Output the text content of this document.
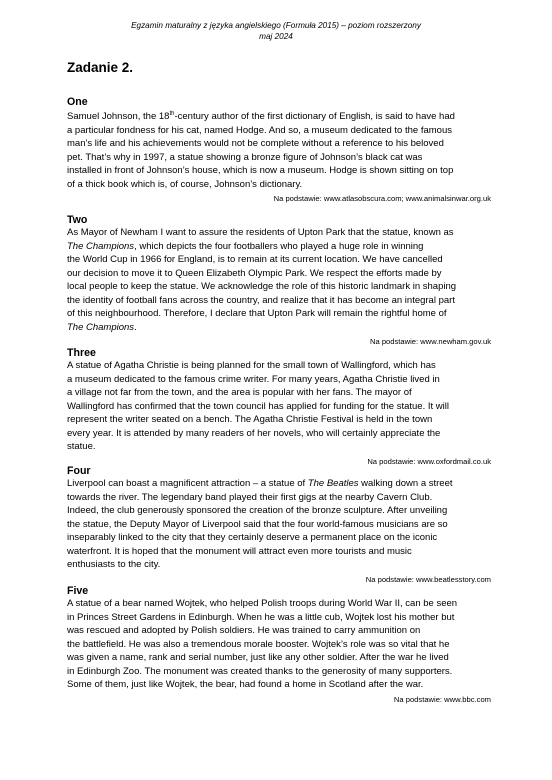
Egzamin maturalny z języka angielskiego (Formuła 2015) – poziom rozszerzony
maj 2024
Zadanie 2.
One
Samuel Johnson, the 18th-century author of the first dictionary of English, is said to have had
a particular fondness for his cat, named Hodge. And so, a museum dedicated to the famous
man’s life and his achievements would not be complete without a reference to his beloved
pet. That’s why in 1997, a statue showing a bronze figure of Johnson’s black cat was
installed in front of Johnson’s house, which is now a museum. Hodge is shown sitting on top
of a thick book which is, of course, Johnson’s dictionary.
Na podstawie: www.atlasobscura.com; www.animalsinwar.org.uk
Two
As Mayor of Newham I want to assure the residents of Upton Park that the statue, known as
The Champions, which depicts the four footballers who played a huge role in winning
the World Cup in 1966 for England, is to remain at its current location. We have cancelled
our decision to move it to Queen Elizabeth Olympic Park. We respect the efforts made by
local people to keep the statue. We acknowledge the role of this historic landmark in shaping
the identity of football fans across the country, and realize that it has become an integral part
of this neighbourhood. Therefore, I declare that Upton Park will remain the rightful home of
The Champions.
Na podstawie: www.newham.gov.uk
Three
A statue of Agatha Christie is being planned for the small town of Wallingford, which has
a museum dedicated to the famous crime writer. For many years, Agatha Christie lived in
a village not far from the town, and the area is popular with her fans. The mayor of
Wallingford has confirmed that the town council has applied for funding for the statue. It will
represent the writer seated on a bench. The Agatha Christie Festival is held in the town
every year. It is attended by many readers of her novels, who will certainly appreciate the
statue.
Na podstawie: www.oxfordmail.co.uk
Four
Liverpool can boast a magnificent attraction – a statue of The Beatles walking down a street
towards the river. The legendary band played their first gigs at the nearby Cavern Club.
Indeed, the club generously sponsored the creation of the bronze sculpture. After unveiling
the statue, the Deputy Mayor of Liverpool said that the four world-famous musicians are so
inseparably linked to the city that they certainly deserve a permanent place on the iconic
waterfront. It is hoped that the monument will attract even more tourists and music
enthusiasts to the city.
Na podstawie: www.beatlesstory.com
Five
A statue of a bear named Wojtek, who helped Polish troops during World War II, can be seen
in Princes Street Gardens in Edinburgh. When he was a little cub, Wojtek lost his mother but
was rescued and adopted by Polish soldiers. He was trained to carry ammunition on
the battlefield. He was also a tremendous morale booster. Wojtek’s role was so vital that he
was given a name, rank and serial number, just like any other soldier. After the war he lived
in Edinburgh Zoo. The monument was created thanks to the generosity of many supporters.
Some of them, just like Wojtek, the bear, had found a home in Scotland after the war.
Na podstawie: www.bbc.com
